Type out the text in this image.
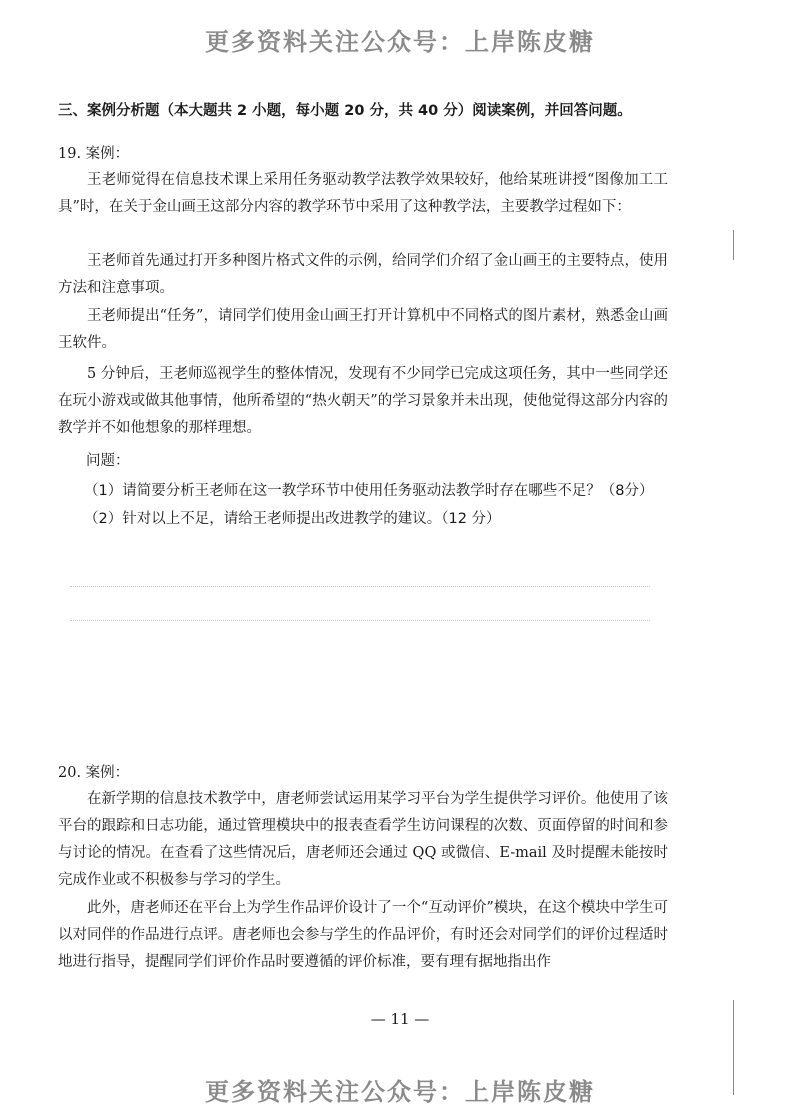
更多资料关注公众号：上岸陈皮糖
三、案例分析题（本大题共 2 小题，每小题 20 分，共 40 分）阅读案例，并回答问题。
19. 案例：
王老师觉得在信息技术课上采用任务驱动教学法教学效果较好，他给某班讲授“图像加工工具”时，在关于金山画王这部分内容的教学环节中采用了这种教学法，主要教学过程如下：
王老师首先通过打开多种图片格式文件的示例，给同学们介绍了金山画王的主要特点，使用方法和注意事项。
王老师提出“任务”，请同学们使用金山画王打开计算机中不同格式的图片素材，熟悉金山画王软件。
5 分钟后，王老师巡视学生的整体情况，发现有不少同学已完成这项任务，其中一些同学还在玩小游戏或做其他事情，他所希望的“热火朝天”的学习景象并未出现，使他觉得这部分内容的教学并不如他想象的那样理想。
问题：
（1）请简要分析王老师在这一教学环节中使用任务驱动法教学时存在哪些不足？（8分）
（2）针对以上不足，请给王老师提出改进教学的建议。（12 分）
20. 案例：
在新学期的信息技术教学中，唐老师尝试运用某学习平台为学生提供学习评价。他使用了该平台的跟踪和日志功能，通过管理模块中的报表查看学生访问课程的次数、页面停留的时间和参与讨论的情况。在查看了这些情况后，唐老师还会通过 QQ 或微信、E-mail 及时提醒未能按时完成作业或不积极参与学习的学生。
此外，唐老师还在平台上为学生作品评价设计了一个“互动评价”模块，在这个模块中学生可以对同伴的作品进行点评。唐老师也会参与学生的作品评价，有时还会对同学们的评价过程适时地进行指导，提醒同学们评价作品时要遵循的评价标准，要有理有据地指出作
— 11 —
更多资料关注公众号：上岸陈皮糖
